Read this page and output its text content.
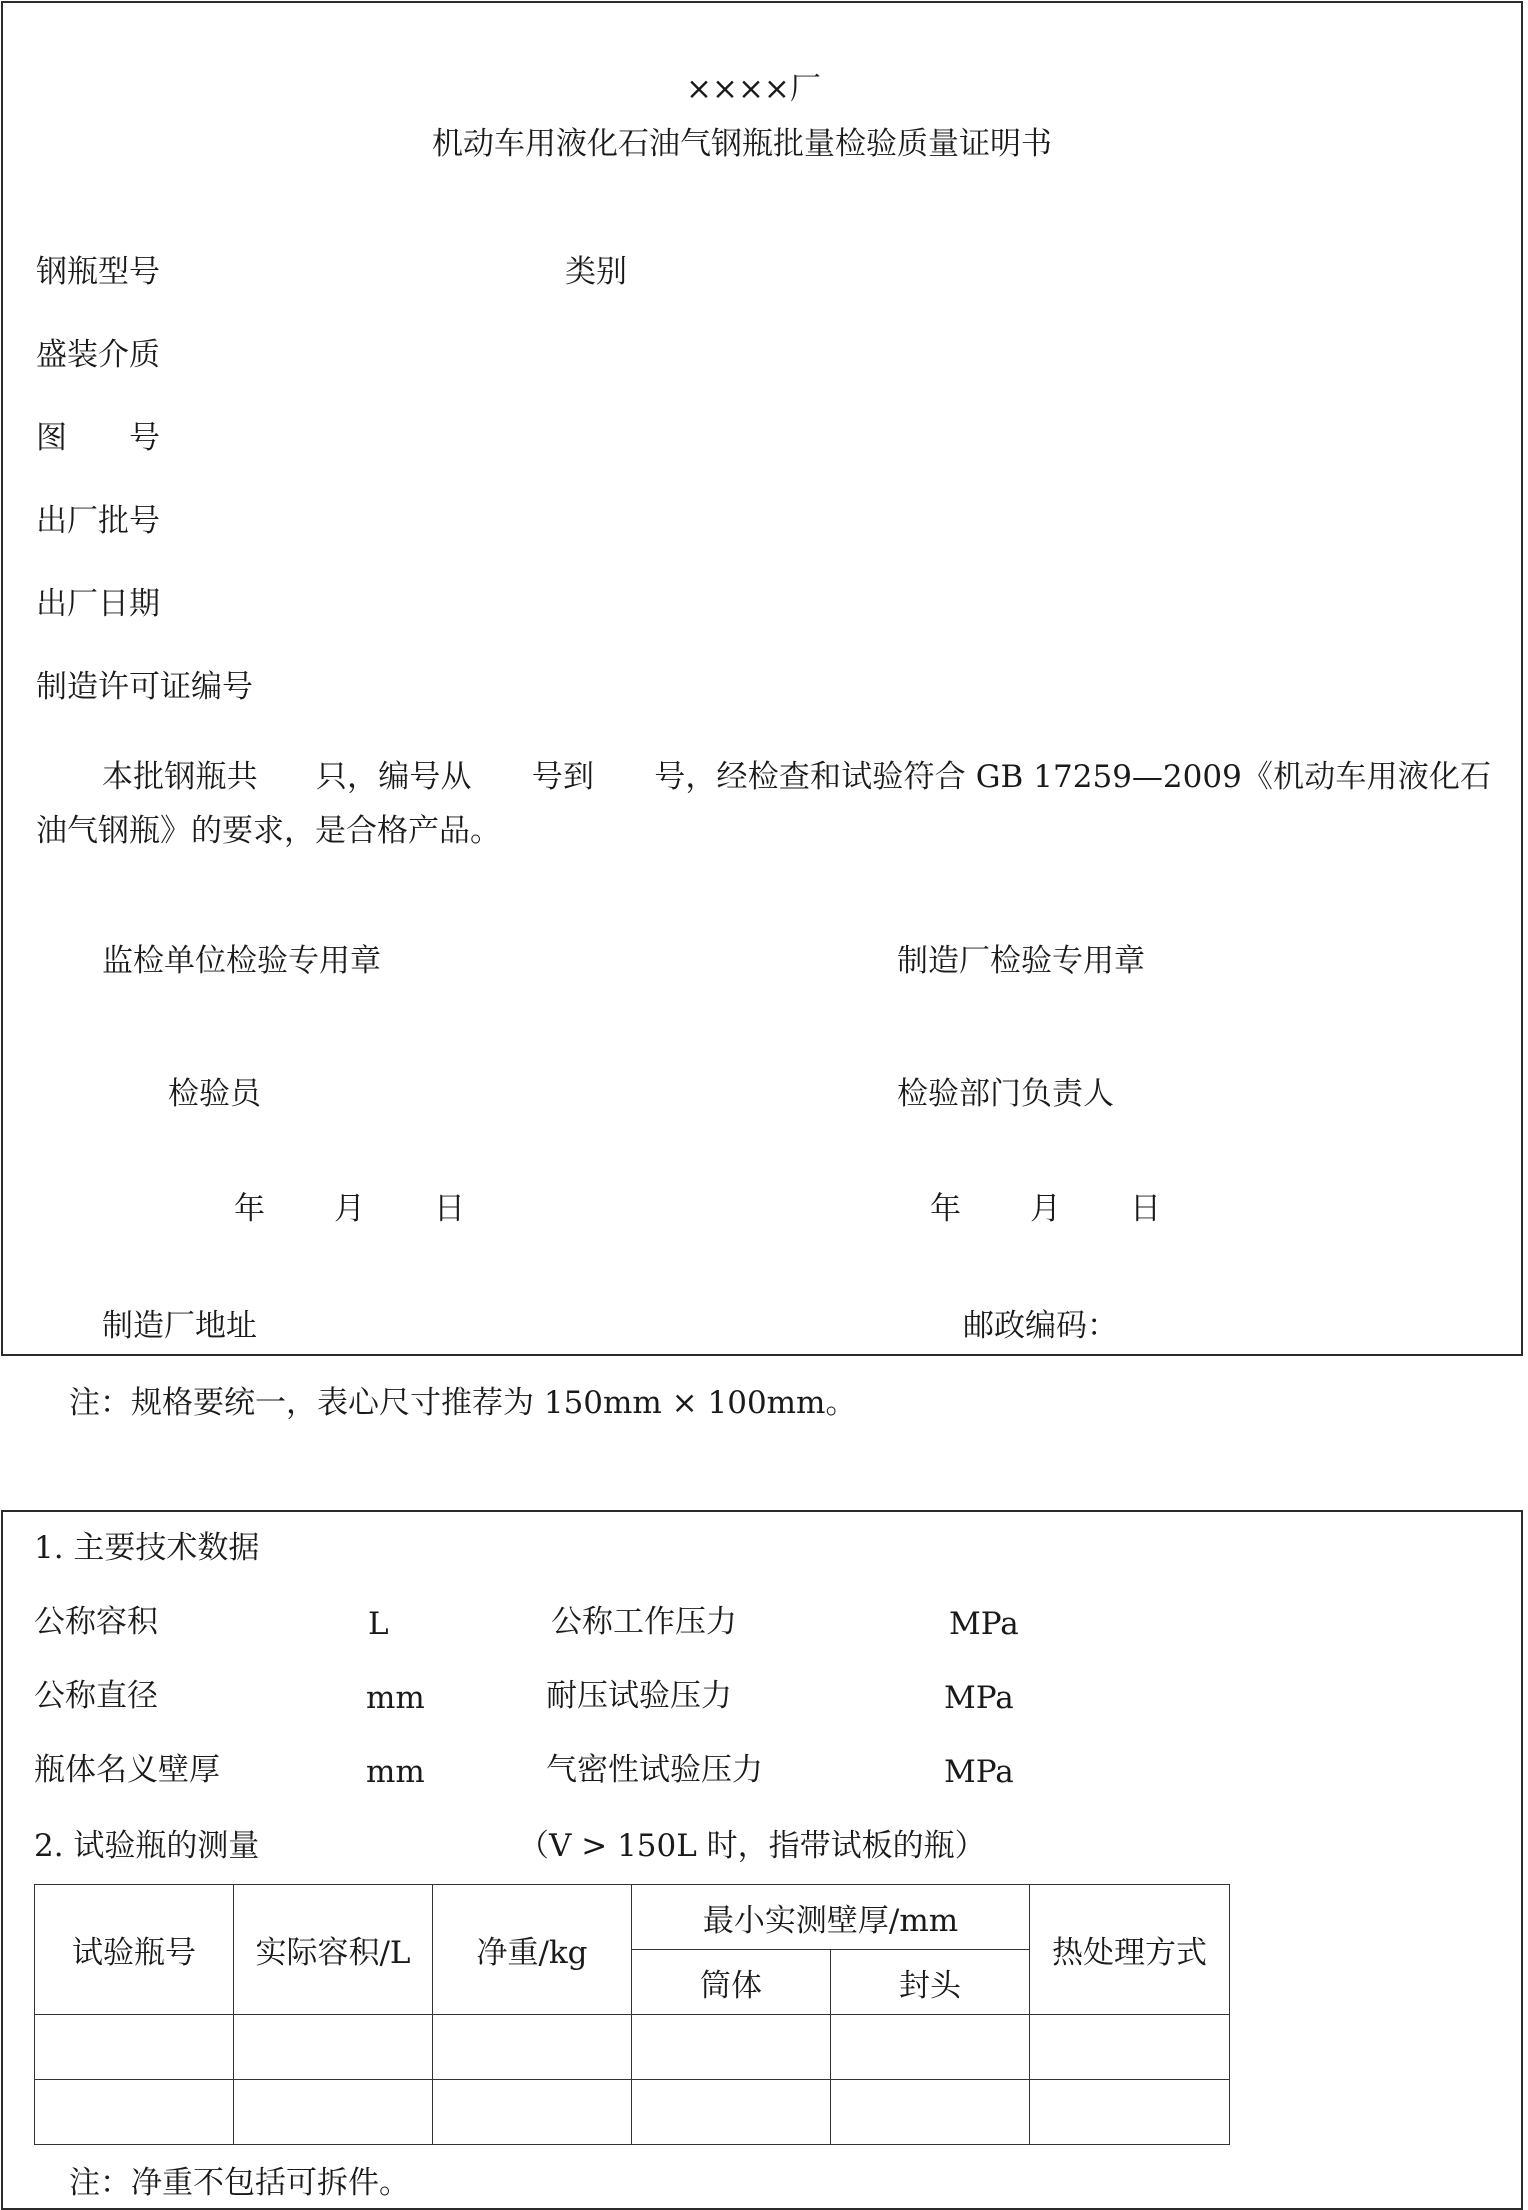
××××厂
机动车用液化石油气钢瓶批量检验质量证明书
钢瓶型号	类别
盛装介质
图　　号
出厂批号
出厂日期
制造许可证编号
本批钢瓶共 只，编号从 号到 号，经检查和试验符合 GB 17259—2009《机动车用液化石油气钢瓶》的要求，是合格产品。
监检单位检验专用章	制造厂检验专用章
检验员	检验部门负责人
年 月 日	年 月 日
制造厂地址	邮政编码：
注：规格要统一，表心尺寸推荐为 150mm × 100mm。
1. 主要技术数据
公称容积	L	公称工作压力	MPa
公称直径	mm	耐压试验压力	MPa
瓶体名义壁厚	mm	气密性试验压力	MPa
2. 试验瓶的测量	（V > 150L 时，指带试板的瓶）
试验瓶号	实际容积/L	净重/kg	最小实测壁厚/mm		热处理方式
			筒体	封头	

注：净重不包括可拆件。
